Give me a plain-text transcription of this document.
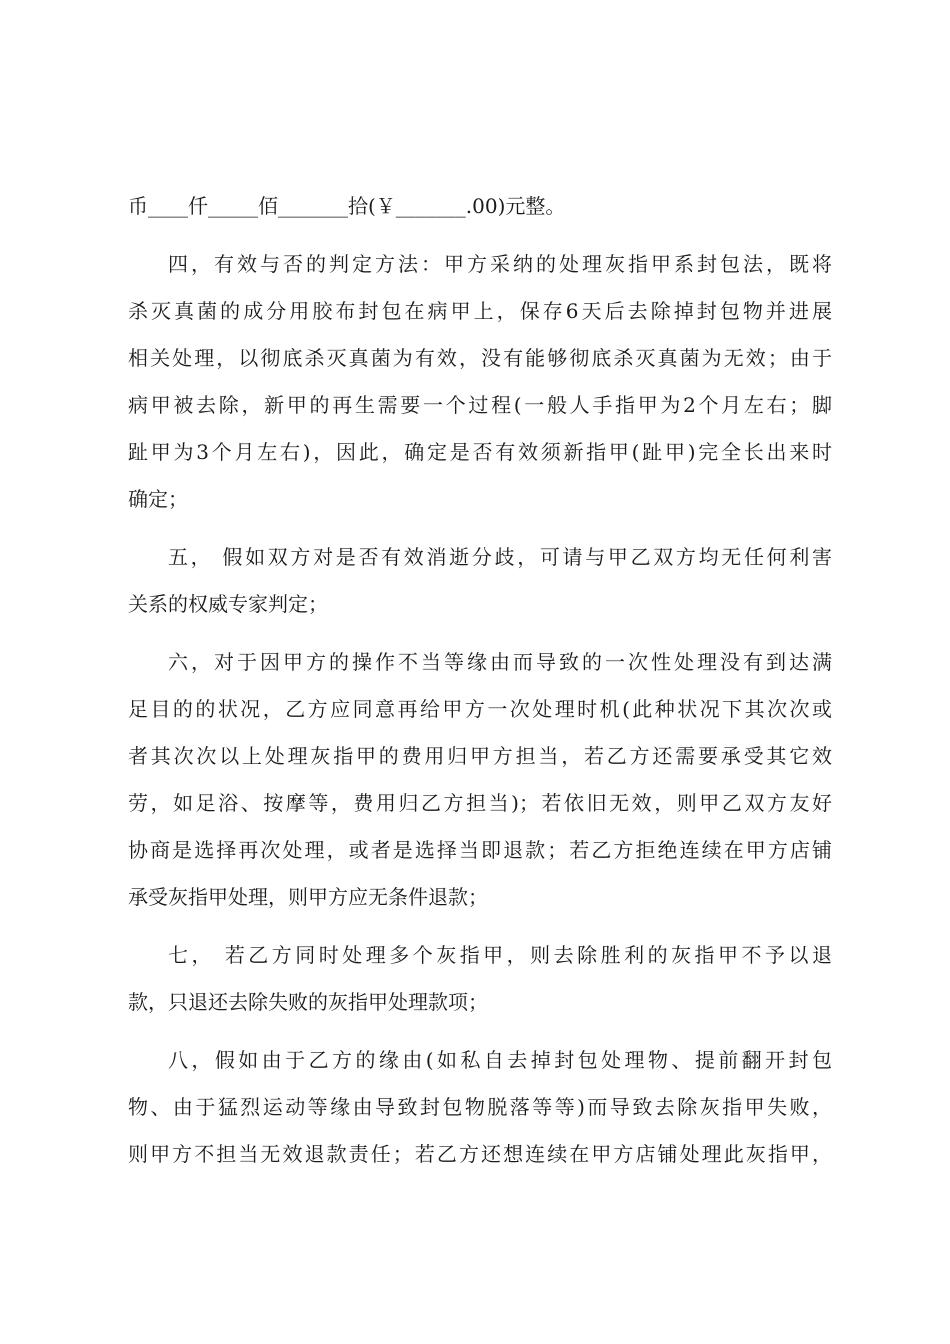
币____仟_____佰_______拾(￥_______.00)元整。

四，有效与否的判定方法：甲方采纳的处理灰指甲系封包法，既将
杀灭真菌的成分用胶布封包在病甲上，保存6天后去除掉封包物并进展
相关处理，以彻底杀灭真菌为有效，没有能够彻底杀灭真菌为无效；由于
病甲被去除，新甲的再生需要一个过程(一般人手指甲为2个月左右；脚
趾甲为3个月左右)，因此，确定是否有效须新指甲(趾甲)完全长出来时
确定；

五， 假如双方对是否有效消逝分歧，可请与甲乙双方均无任何利害
关系的权威专家判定；

六，对于因甲方的操作不当等缘由而导致的一次性处理没有到达满
足目的的状况，乙方应同意再给甲方一次处理时机(此种状况下其次次或
者其次次以上处理灰指甲的费用归甲方担当，若乙方还需要承受其它效
劳，如足浴、按摩等，费用归乙方担当)；若依旧无效，则甲乙双方友好
协商是选择再次处理，或者是选择当即退款；若乙方拒绝连续在甲方店铺
承受灰指甲处理，则甲方应无条件退款；

七， 若乙方同时处理多个灰指甲，则去除胜利的灰指甲不予以退
款，只退还去除失败的灰指甲处理款项；

八，假如由于乙方的缘由(如私自去掉封包处理物、提前翻开封包
物、由于猛烈运动等缘由导致封包物脱落等等)而导致去除灰指甲失败，
则甲方不担当无效退款责任；若乙方还想连续在甲方店铺处理此灰指甲，
